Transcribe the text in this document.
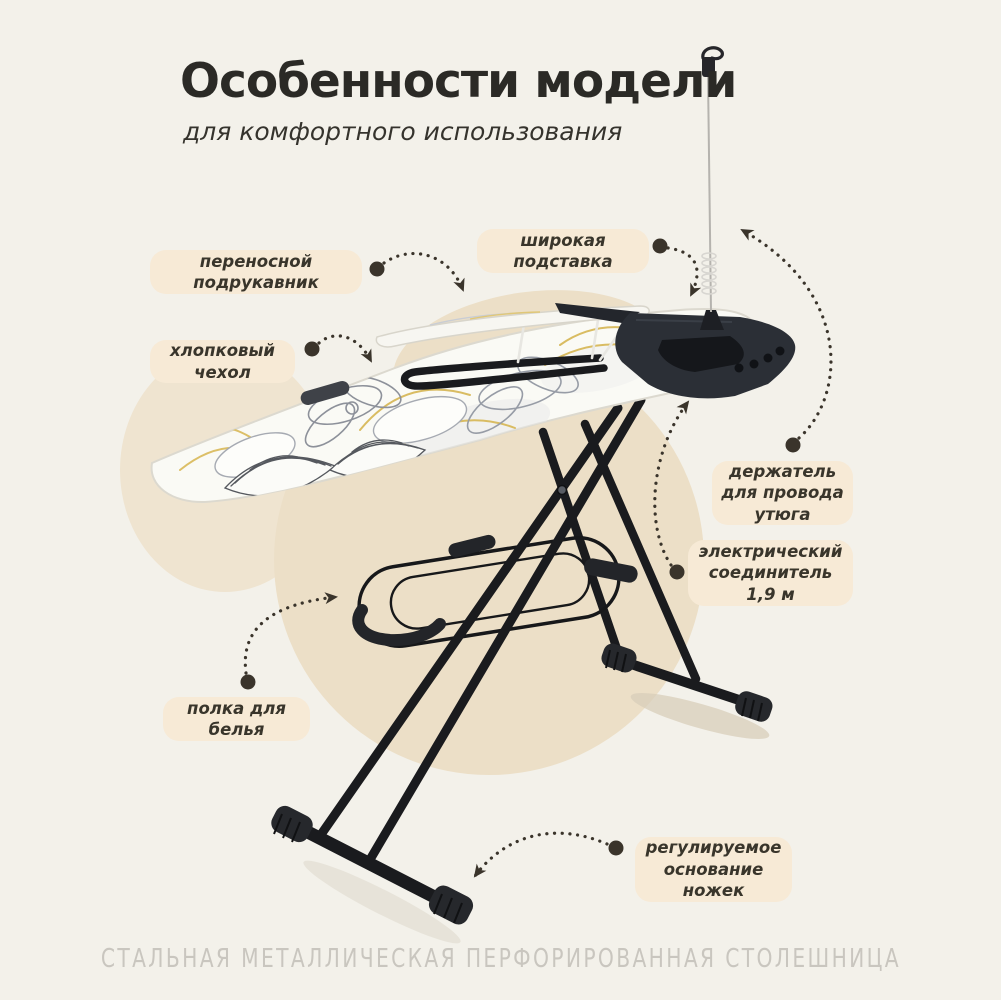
Особенности модели
для комфортного использования
переносной подрукавник
хлопковый чехол
широкая подставка
держатель для провода утюга
электрический соединитель 1,9 м
полка для белья
регулируемое основание ножек
СТАЛЬНАЯ МЕТАЛЛИЧЕСКАЯ ПЕРФОРИРОВАННАЯ СТОЛЕШНИЦА
